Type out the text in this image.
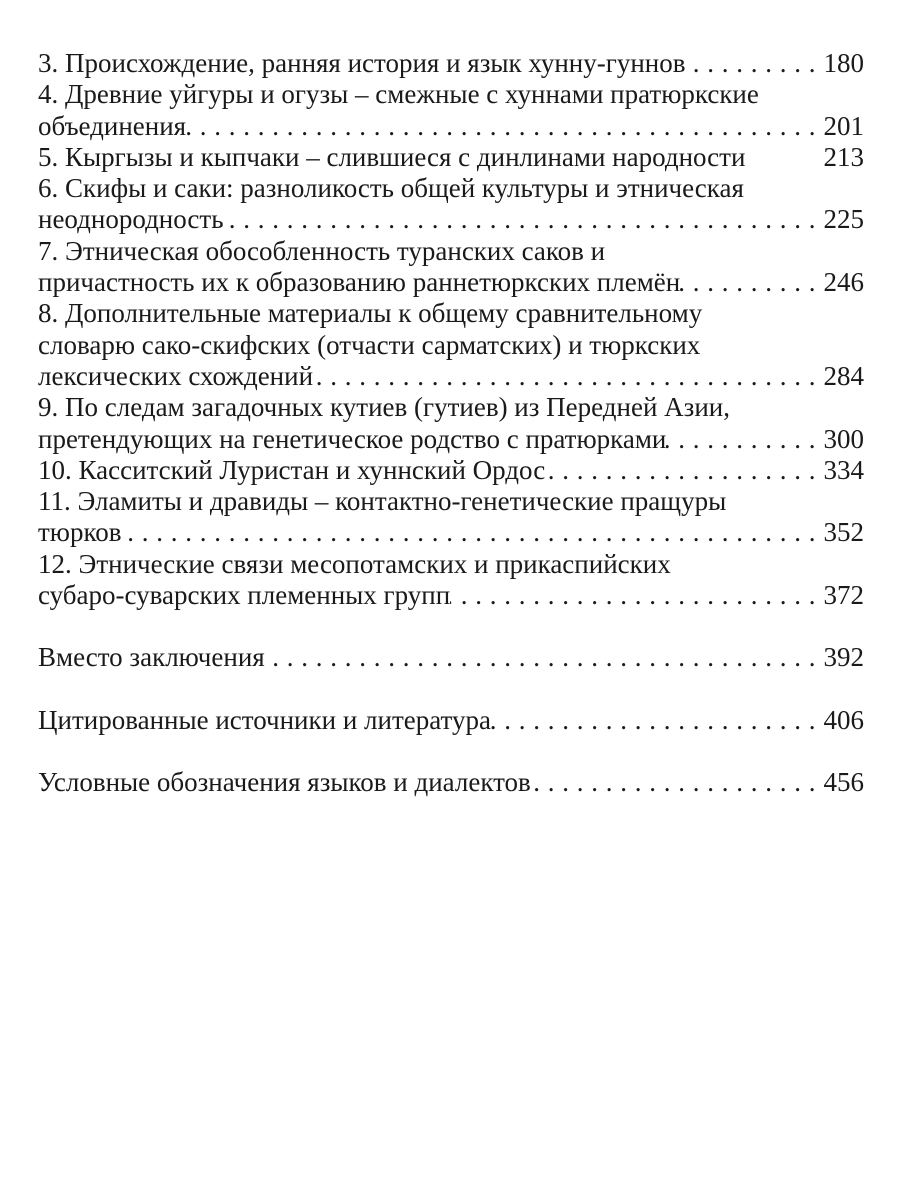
3. Происхождение, ранняя история и язык хунну-гуннов . . .	180
4. Древние уйгуры и огузы – смежные с хуннами пратюркские
объединения . . .	201
5. Кыргызы и кыпчаки – слившиеся с динлинами народности	213
6. Скифы и саки: разноликость общей культуры и этническая
неоднородность . . .	225
7. Этническая обособленность туранских саков и
причастность их к образованию раннетюркских племён . . .	246
8. Дополнительные материалы к общему сравнительному
словарю сако-скифских (отчасти сарматских) и тюркских
лексических схождений . . .	284
9. По следам загадочных кутиев (гутиев) из Передней Азии,
претендующих на генетическое родство с пратюрками . . .	300
10. Касситский Луристан и хуннский Ордос . . .	334
11. Эламиты и дравиды – контактно-генетические пращуры
тюрков . . .	352
12. Этнические связи месопотамских и прикаспийских
субаро-суварских племенных групп . . .	372
Вместо заключения . . .	392
Цитированные источники и литература . . .	406
Условные обозначения языков и диалектов . . .	456
